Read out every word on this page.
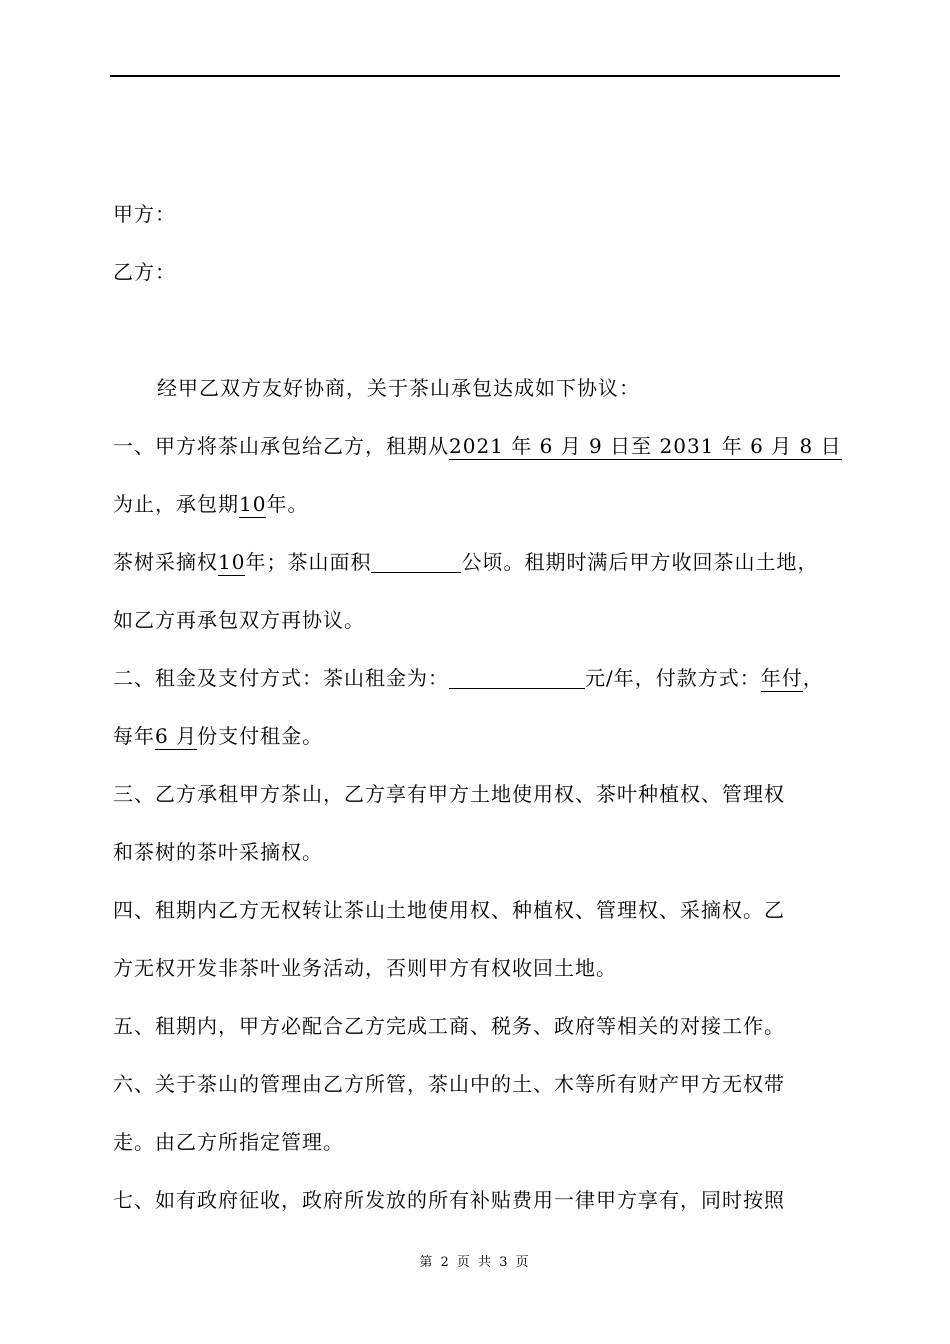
甲方：
乙方：
经甲乙双方友好协商，关于茶山承包达成如下协议：
一、甲方将茶山承包给乙方，租期从2021 年 6 月 9 日至 2031 年 6 月 8 日
为止，承包期10年。
茶树采摘权10年；茶山面积	公顷。租期时满后甲方收回茶山土地，
如乙方再承包双方再协议。
二、租金及支付方式：茶山租金为：	元/年，付款方式：年付，
每年6 月份支付租金。
三、乙方承租甲方茶山，乙方享有甲方土地使用权、茶叶种植权、管理权
和茶树的茶叶采摘权。
四、租期内乙方无权转让茶山土地使用权、种植权、管理权、采摘权。乙
方无权开发非茶叶业务活动，否则甲方有权收回土地。
五、租期内，甲方必配合乙方完成工商、税务、政府等相关的对接工作。
六、关于茶山的管理由乙方所管，茶山中的土、木等所有财产甲方无权带
走。由乙方所指定管理。
七、如有政府征收，政府所发放的所有补贴费用一律甲方享有，同时按照
第 2 页 共 3 页
